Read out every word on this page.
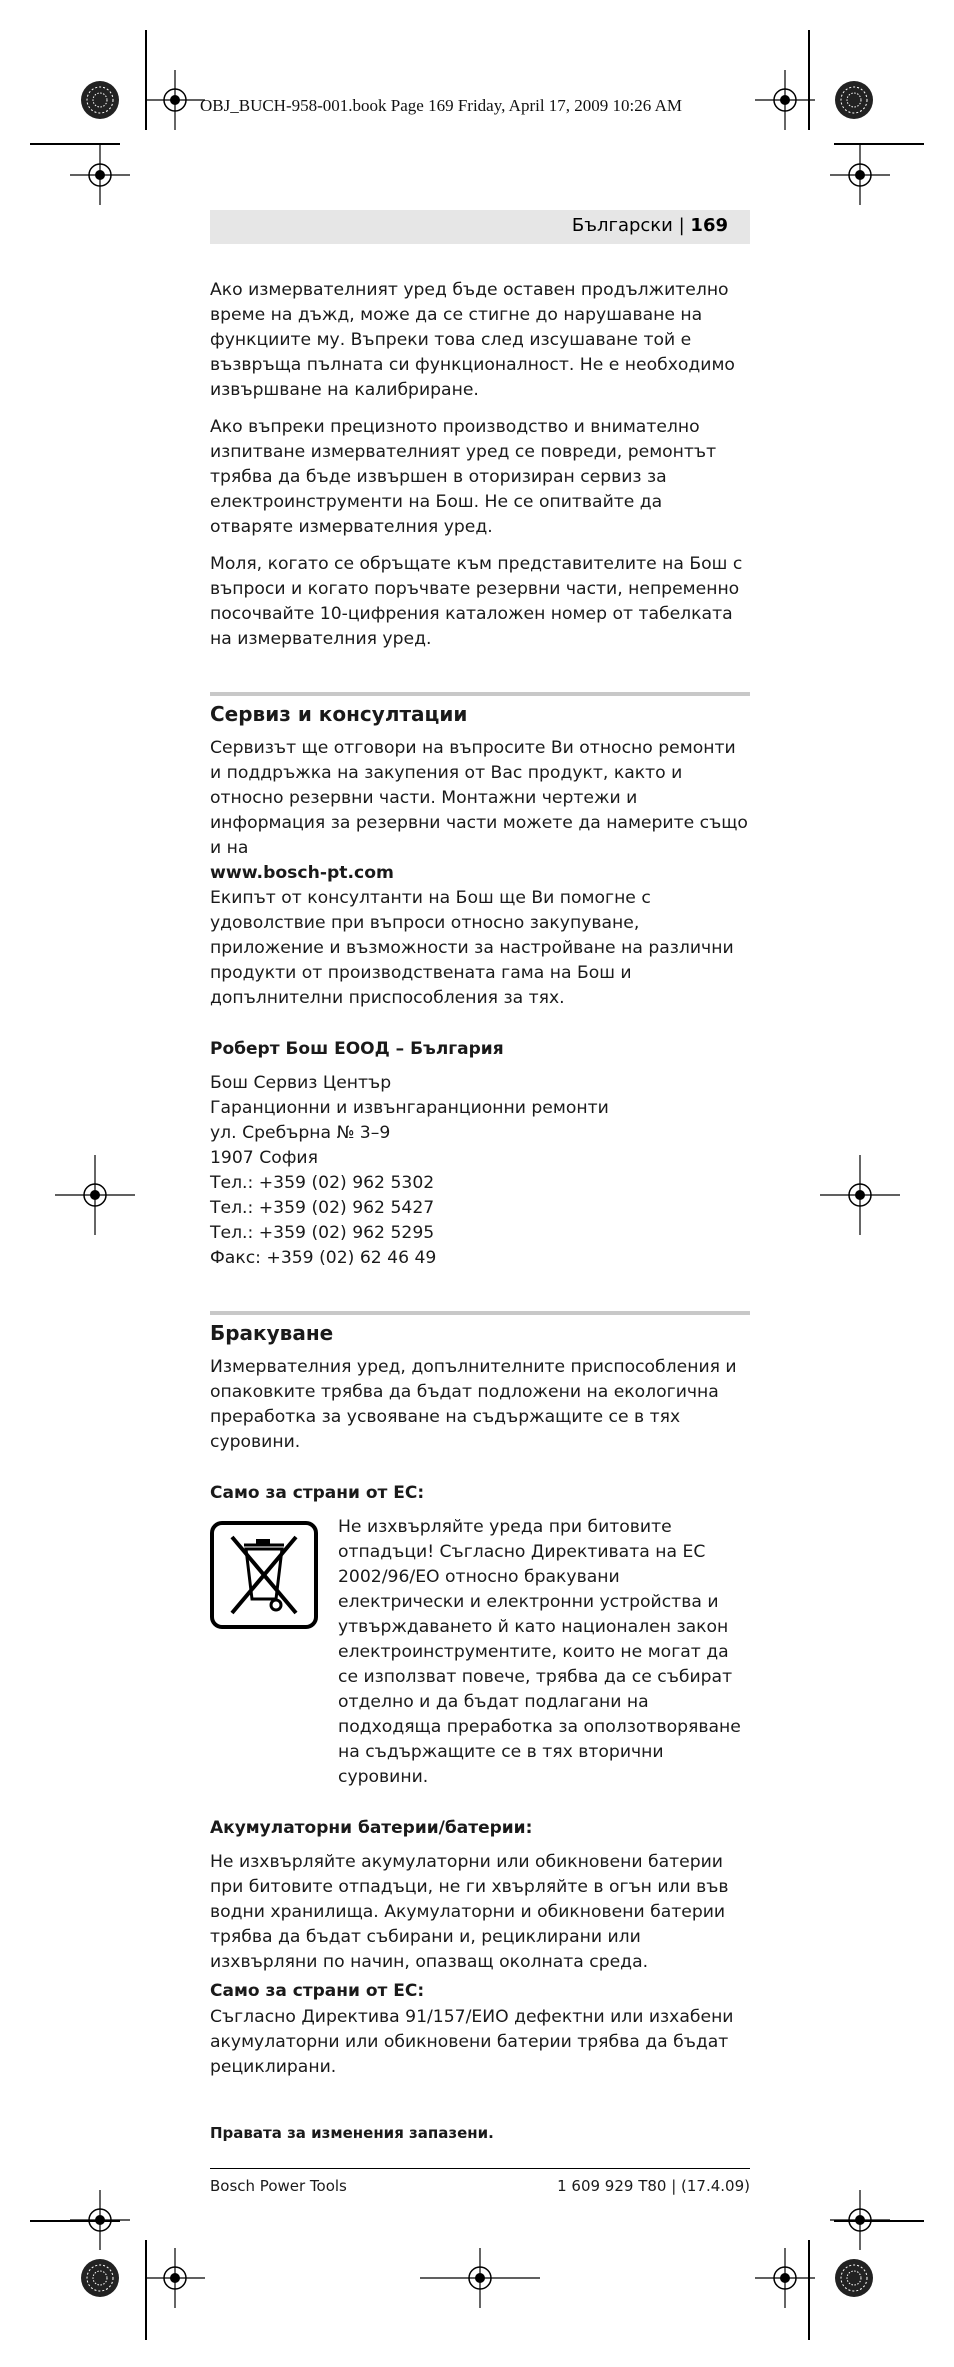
OBJ_BUCH-958-001.book Page 169 Friday, April 17, 2009 10:26 AM
Български | 169

Ако измервателният уред бъде оставен продължително време на дъжд, може да се стигне до нарушаване на функциите му. Въпреки това след изсушаване той е възвръща пълната си функционалност. Не е необходимо извършване на калибриране.

Ако въпреки прецизното производство и внимателно изпитване измервателният уред се повреди, ремонтът трябва да бъде извършен в оторизиран сервиз за електроинструменти на Бош. Не се опитвайте да отваряте измервателния уред.

Моля, когато се обръщате към представителите на Бош с въпроси и когато поръчвате резервни части, непременно посочвайте 10-цифрения каталожен номер от табелката на измервателния уред.

Сервиз и консултации

Сервизът ще отговори на въпросите Ви относно ремонти и поддръжка на закупения от Вас продукт, както и относно резервни части. Монтажни чертежи и информация за резервни части можете да намерите също и на
www.bosch-pt.com

Екипът от консултанти на Бош ще Ви помогне с удоволствие при въпроси относно закупуване, приложение и възможности за настройване на различни продукти от производствената гама на Бош и допълнителни приспособления за тях.

Роберт Бош ЕООД – България
Бош Сервиз Център
Гаранционни и извънгаранционни ремонти
ул. Сребърна № 3–9
1907 София
Тел.: +359 (02) 962 5302
Тел.: +359 (02) 962 5427
Тел.: +359 (02) 962 5295
Факс: +359 (02) 62 46 49
Бракуване

Измервателния уред, допълнителните приспособления и опаковките трябва да бъдат подложени на екологична преработка за усвояване на съдържащите се в тях суровини.

Само за страни от ЕС:

Не изхвърляйте уреда при битовите отпадъци! Съгласно Директивата на ЕС 2002/96/ЕО относно бракувани електрически и електронни устройства и утвърждаването й като национален закон електроинструментите, които не могат да се използват повече, трябва да се събират отделно и да бъдат подлагани на подходяща преработка за оползотворяване на съдържащите се в тях вторични суровини.

Акумулаторни батерии/батерии:

Не изхвърляйте акумулаторни или обикновени батерии при битовите отпадъци, не ги хвърляйте в огън или във водни хранилища. Акумулаторни и обикновени батерии трябва да бъдат събирани и, рециклирани или изхвърляни по начин, опазващ околната среда.

Само за страни от ЕС:

Съгласно Директива 91/157/ЕИО дефектни или изхабени акумулаторни или обикновени батерии трябва да бъдат рециклирани.

Правата за изменения запазени.
Bosch Power Tools	1 609 929 T80 | (17.4.09)
